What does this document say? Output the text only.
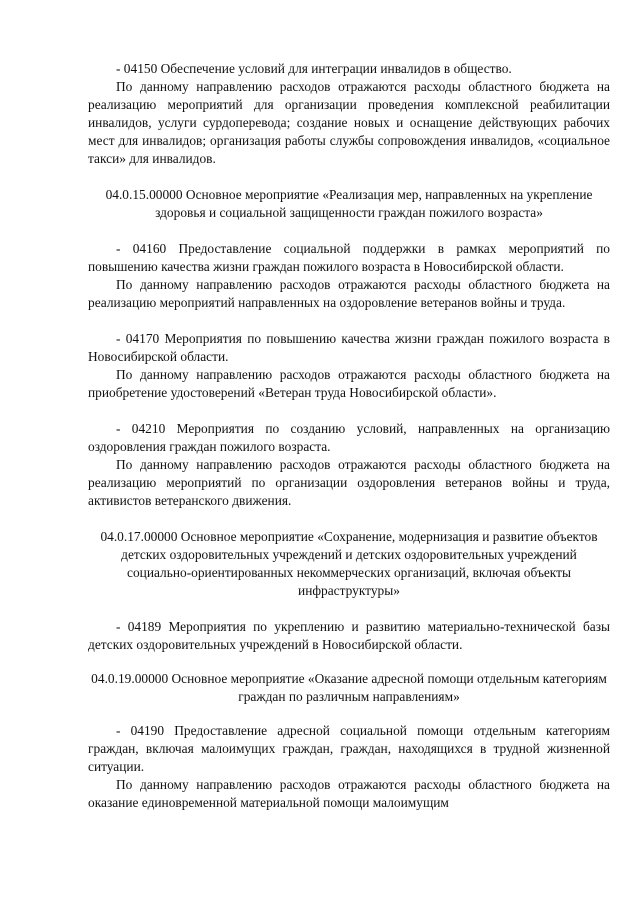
- 04150 Обеспечение условий для интеграции инвалидов в общество.

По данному направлению расходов отражаются расходы областного бюджета на реализацию мероприятий для организации проведения комплексной реабилитации инвалидов, услуги сурдоперевода; создание новых и оснащение действующих рабочих мест для инвалидов; организация работы службы сопровождения инвалидов, «социальное такси» для инвалидов.

04.0.15.00000 Основное мероприятие «Реализация мер, направленных на укрепление здоровья и социальной защищенности граждан пожилого возраста»

- 04160 Предоставление социальной поддержки в рамках мероприятий по повышению качества жизни граждан пожилого возраста в Новосибирской области.

По данному направлению расходов отражаются расходы областного бюджета на реализацию мероприятий направленных на оздоровление ветеранов войны и труда.

- 04170 Мероприятия по повышению качества жизни граждан пожилого возраста в Новосибирской области.

По данному направлению расходов отражаются расходы областного бюджета на приобретение удостоверений «Ветеран труда Новосибирской области».

- 04210 Мероприятия по созданию условий, направленных на организацию оздоровления граждан пожилого возраста.

По данному направлению расходов отражаются расходы областного бюджета на реализацию мероприятий по организации оздоровления ветеранов войны и труда, активистов ветеранского движения.

04.0.17.00000 Основное мероприятие «Сохранение, модернизация и развитие объектов детских оздоровительных учреждений и детских оздоровительных учреждений социально-ориентированных некоммерческих организаций, включая объекты инфраструктуры»

- 04189 Мероприятия по укреплению и развитию материально-технической базы детских оздоровительных учреждений в Новосибирской области.

04.0.19.00000 Основное мероприятие «Оказание адресной помощи отдельным категориям граждан по различным направлениям»

- 04190 Предоставление адресной социальной помощи отдельным категориям граждан, включая малоимущих граждан, граждан, находящихся в трудной жизненной ситуации.

По данному направлению расходов отражаются расходы областного бюджета на оказание единовременной материальной помощи малоимущим
